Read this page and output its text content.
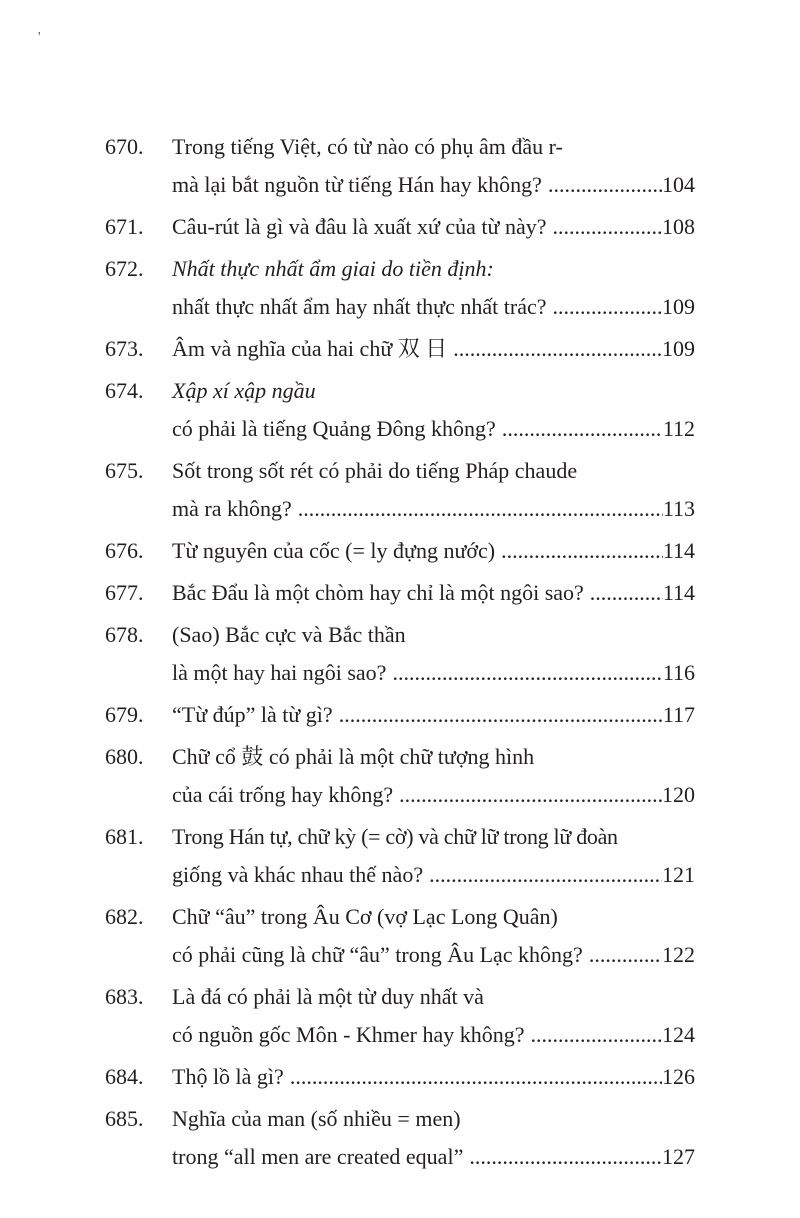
'
670.	Trong tiếng Việt, có từ nào có phụ âm đầu r-
mà lại bắt nguồn từ tiếng Hán hay không? .....	104
671.	Câu-rút là gì và đâu là xuất xứ của từ này? .....	108
672.	Nhất thực nhất ẩm giai do tiền định:
nhất thực nhất ẩm hay nhất thực nhất trác? .....	109
673.	Âm và nghĩa của hai chữ 双 日 .....	109
674.	Xập xí xập ngầu
có phải là tiếng Quảng Đông không? .....	112
675.	Sốt trong sốt rét có phải do tiếng Pháp chaude
mà ra không? .....	113
676.	Từ nguyên của cốc (= ly đựng nước) .....	114
677.	Bắc Đẩu là một chòm hay chỉ là một ngôi sao? .....	114
678.	(Sao) Bắc cực và Bắc thần
là một hay hai ngôi sao? .....	116
679.	“Từ đúp” là từ gì? .....	117
680.	Chữ cổ 鼓 có phải là một chữ tượng hình
của cái trống hay không? .....	120
681.	Trong Hán tự, chữ kỳ (= cờ) và chữ lữ trong lữ đoàn
giống và khác nhau thế nào? .....	121
682.	Chữ “âu” trong Âu Cơ (vợ Lạc Long Quân)
có phải cũng là chữ “âu” trong Âu Lạc không? .....	122
683.	Là đá có phải là một từ duy nhất và
có nguồn gốc Môn - Khmer hay không? .....	124
684.	Thộ lồ là gì? .....	126
685.	Nghĩa của man (số nhiều = men)
trong “all men are created equal” .....	127
